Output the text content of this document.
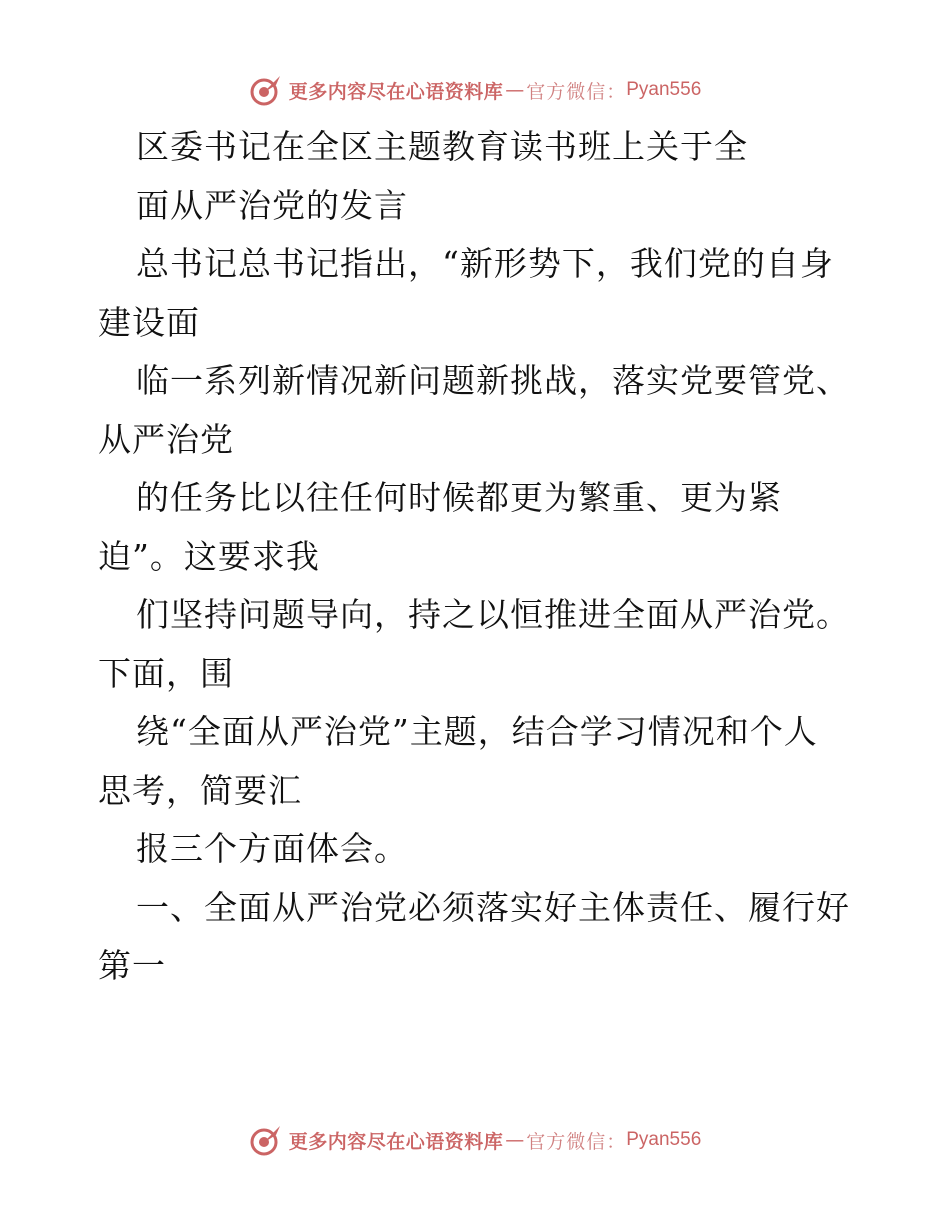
更多内容尽在心语资料库 — 官方微信： Pyan556
区委书记在全区主题教育读书班上关于全
面从严治党的发言
总书记总书记指出，“新形势下，我们党的自身
建设面
临一系列新情况新问题新挑战，落实党要管党、
从严治党
的任务比以往任何时候都更为繁重、更为紧
迫”。这要求我
们坚持问题导向，持之以恒推进全面从严治党。
下面，围
绕“全面从严治党”主题，结合学习情况和个人
思考，简要汇
报三个方面体会。
一、全面从严治党必须落实好主体责任、履行好
第一
更多内容尽在心语资料库 — 官方微信： Pyan556
